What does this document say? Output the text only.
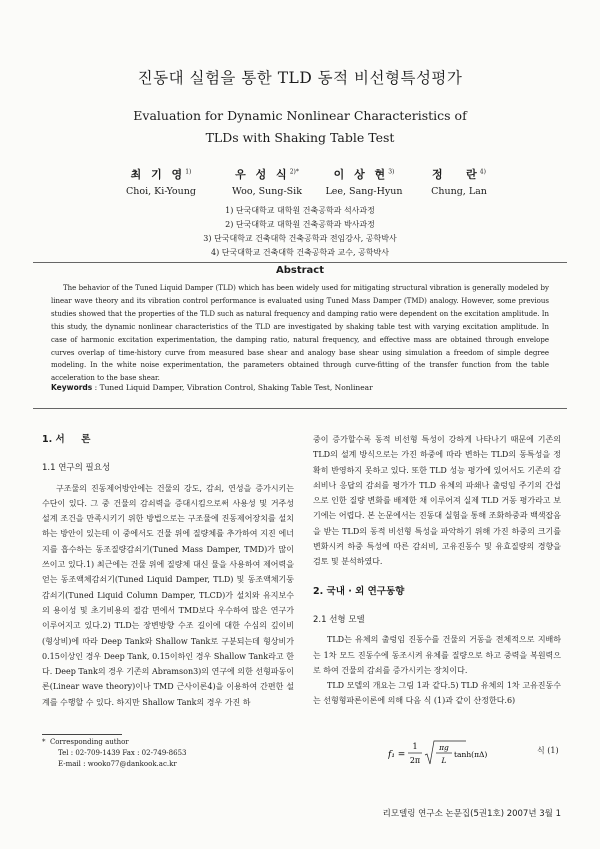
진동대 실험을 통한 TLD 동적 비선형특성평가
Evaluation for Dynamic Nonlinear Characteristics of
TLDs with Shaking Table Test
최 기 영$^{1)}$
Choi, Ki-Young
우 성 식$^{2)*}$
Woo, Sung-Sik
이 상 현$^{3)}$
Lee, Sang-Hyun
정   란$^{4)}$
Chung, Lan
1) 단국대학교 대학원 건축공학과 석사과정
2) 단국대학교 대학원 건축공학과 박사과정
3) 단국대학교 건축대학 건축공학과 전임강사, 공학박사
4) 단국대학교 건축대학 건축공학과 교수, 공학박사
Abstract

The behavior of the Tuned Liquid Damper (TLD) which has been widely used for mitigating structural vibration is generally modeled by linear wave theory and its vibration control performance is evaluated using Tuned Mass Damper (TMD) analogy. However, some previous studies showed that the properties of the TLD such as natural frequency and damping ratio were dependent on the excitation amplitude. In this study, the dynamic nonlinear characteristics of the TLD are investigated by shaking table test with varying excitation amplitude. In case of harmonic excitation experimentation, the damping ratio, natural frequency, and effective mass are obtained through envelope curves overlap of time-history curve from measured base shear and analogy base shear using simulation a freedom of simple degree modeling. In the white noise experimentation, the parameters obtained through curve-fitting of the transfer function from the table acceleration to the base shear.

Keywords : Tuned Liquid Damper, Vibration Control, Shaking Table Test, Nonlinear
1. 서     론
1.1 연구의 필요성

구조물의 진동제어방안에는 건물의 강도, 감쇠, 연성을 증가시키는 수단이 있다. 그 중 건물의 감쇠력을 증대시킴으로써 사용성 및 거주성 설계 조건을 만족시키기 위한 방법으로는 구조물에 진동제어장치를 설치하는 방안이 있는데 이 중에서도 건물 위에 질량체를 추가하여 지진 에너지를 흡수하는 동조질량감쇠기(Tuned Mass Damper, TMD)가 많이 쓰이고 있다.1) 최근에는 건물 위에 질량체 대신 물을 사용하여 제어력을 얻는 동조액체감쇠기(Tuned Liquid Damper, TLD) 및 동조액체기둥감쇠기(Tuned Liquid Column Damper, TLCD)가 설치와 유지보수의 용이성 및 초기비용의 절감 면에서 TMD보다 우수하여 많은 연구가 이루어지고 있다.2) TLD는 장변방향 수조 길이에 대한 수심의 깊이비(형상비)에 따라 Deep Tank와 Shallow Tank로 구분되는데 형상비가 0.15이상인 경우 Deep Tank, 0.15이하인 경우 Shallow Tank라고 한다. Deep Tank의 경우 기존의 Abramson3)의 연구에 의한 선형파동이론(Linear wave theory)이나 TMD 근사이론4)을 이용하여 간편한 설계를 수행할 수 있다. 하지만 Shallow Tank의 경우 가진 하

중이 증가할수록 동적 비선형 특성이 강하게 나타나기 때문에 기존의 TLD의 설계 방식으로는 가진 하중에 따라 변하는 TLD의 동특성을 정확히 반영하지 못하고 있다. 또한 TLD 성능 평가에 있어서도 기존의 감쇠비나 응답의 감쇠를 평가가 TLD 유체의 파쇄나 출렁임 주기의 간섭으로 인한 질량 변화를 배제한 채 이루어져 실제 TLD 거동 평가라고 보기에는 어렵다. 본 논문에서는 진동대 실험을 통해 조화하중과 백색잡음을 받는 TLD의 동적 비선형 특성을 파악하기 위해 가진 하중의 크기를 변화시켜 하중 특성에 따른 감쇠비, 고유진동수 및 유효질량의 경향을 검토 및 분석하였다.

2. 국내 · 외 연구동향
2.1 선형 모델

TLD는 유체의 출렁임 진동수를 건물의 거동을 전체적으로 지배하는 1차 모드 진동수에 동조시켜 유체를 질량으로 하고 중력을 복원력으로 하여 건물의 감쇠를 증가시키는 장치이다.

TLD 모델의 개요는 그림 1과 같다.5) TLD 유체의 1차 고유진동수는 선형형파론이론에 의해 다음 식 (1)과 같이 산정한다.6)

f₁ =
1
2π
πg
L
tanh(πΔ)	식 (1)
* Corresponding author
Tel : 02-709-1439 Fax : 02-749-8653
E-mail : wooko77@dankook.ac.kr
리모델링 연구소 논문집(5권1호) 2007년 3월 1
